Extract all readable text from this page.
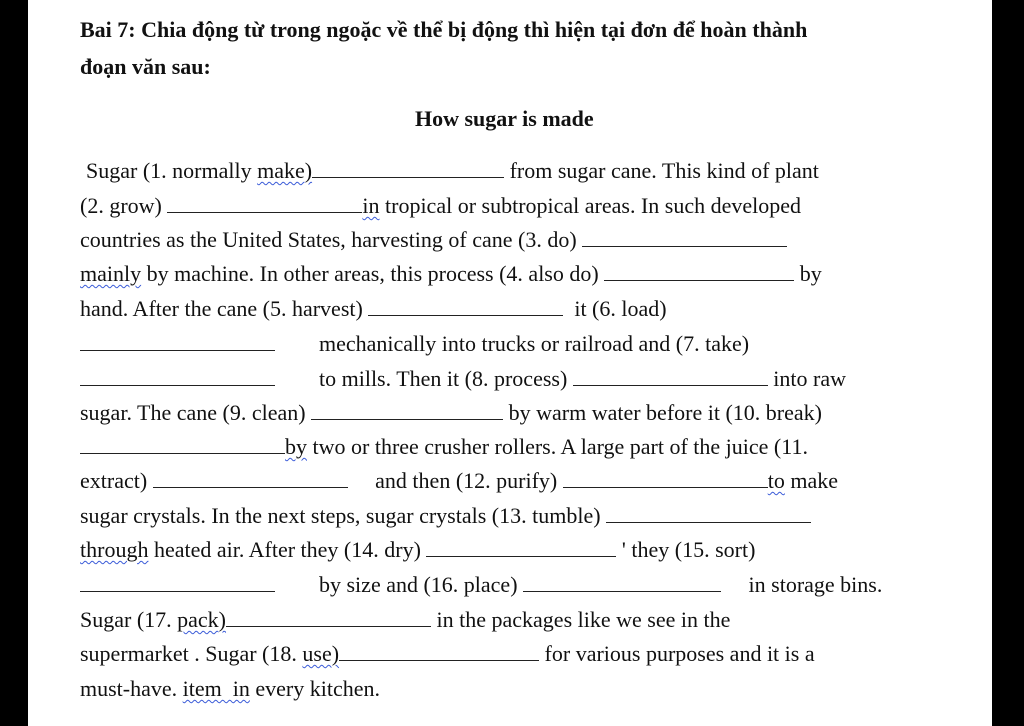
Bai 7: Chia động từ trong ngoặc về thể bị động thì hiện tại đơn để hoàn thành
đoạn văn sau:
How sugar is made
Sugar (1. normally make)	from sugar cane. This kind of plant
(2. grow)	in tropical or subtropical areas. In such developed
countries as the United States, harvesting of cane (3. do)
mainly by machine. In other areas, this process (4. also do)	by
hand. After the cane (5. harvest)	it (6. load)
mechanically into trucks or railroad and (7. take)
to mills. Then it (8. process)	into raw
sugar. The cane (9. clean)	by warm water before it (10. break)
by two or three crusher rollers. A large part of the juice (11.
extract)	and then (12. purify)	to make
sugar crystals. In the next steps, sugar crystals (13. tumble)
through heated air. After they (14. dry)	' they (15. sort)
by size and (16. place)	in storage bins.
Sugar (17. pack)	in the packages like we see in the
supermarket . Sugar (18. use)	for various purposes and it is a
must-have. item  in every kitchen.
